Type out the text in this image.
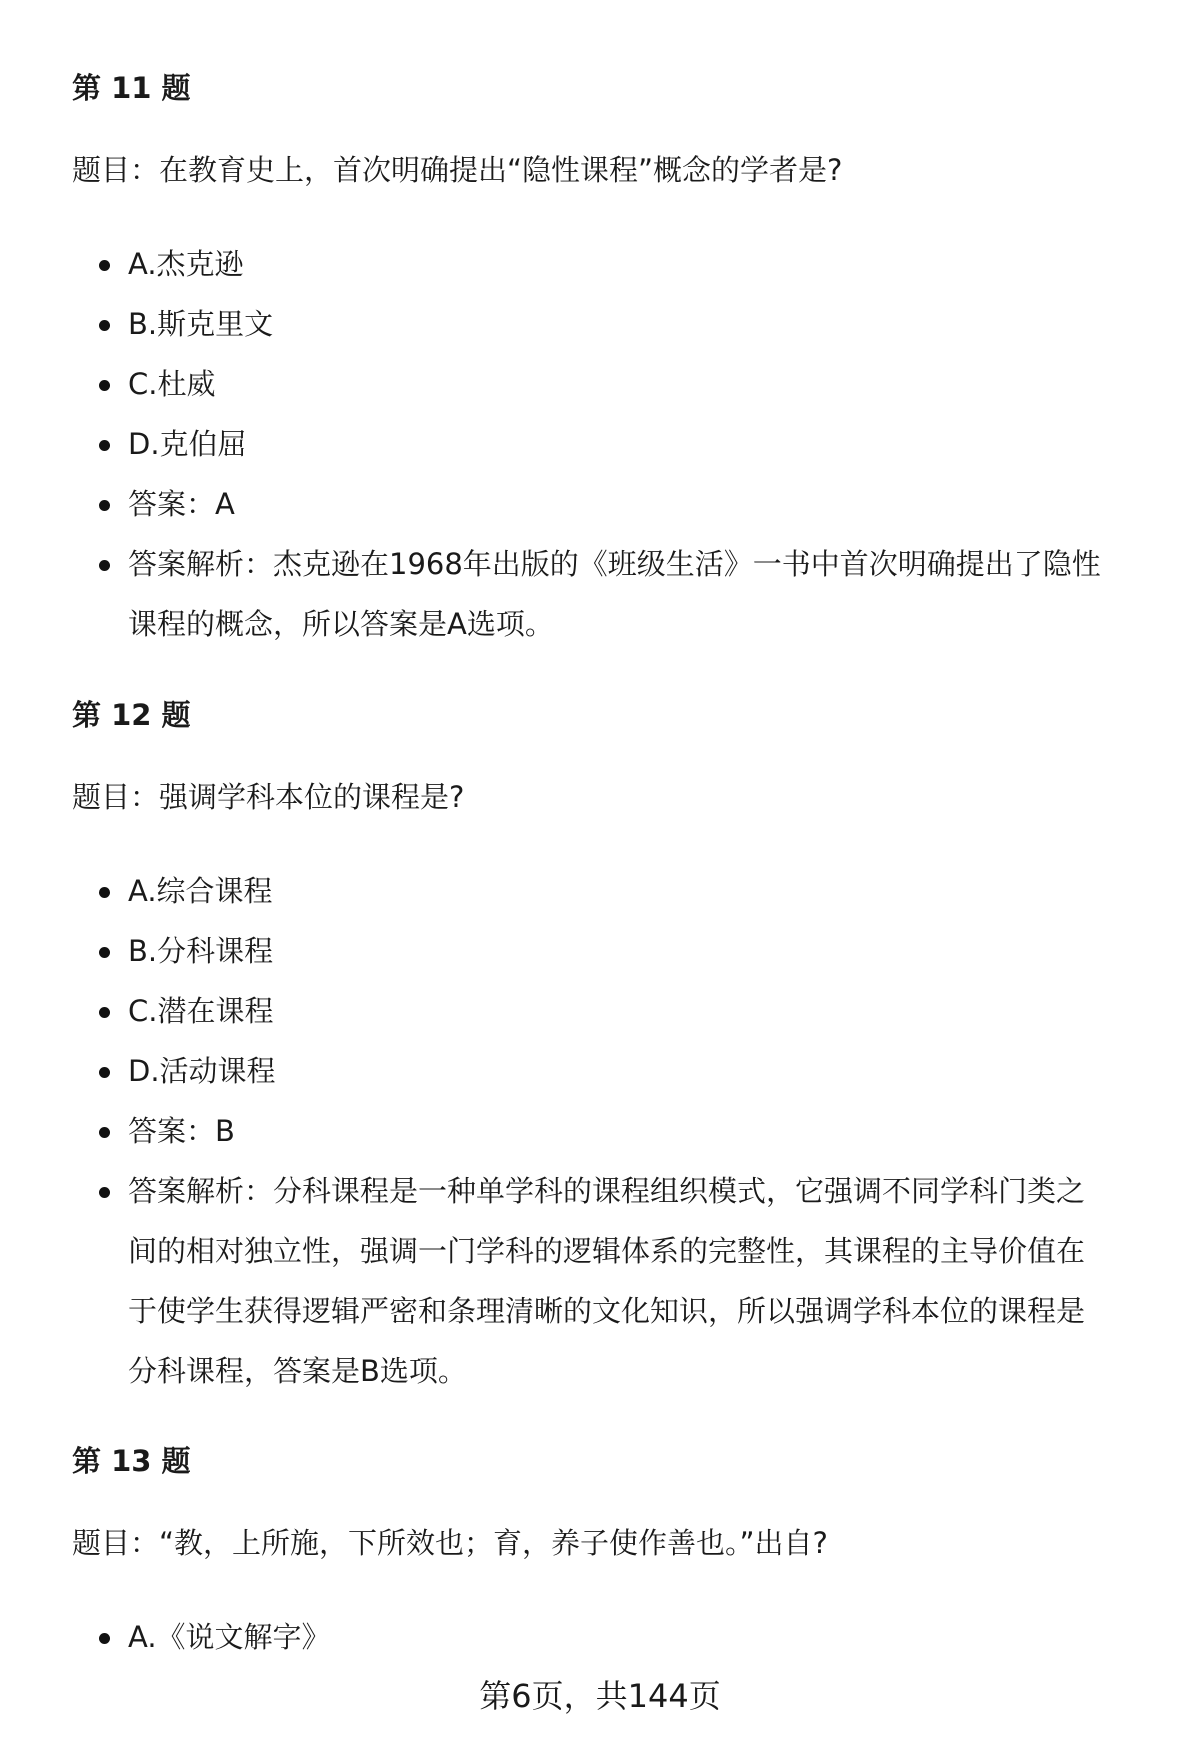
第 11 题
题目：在教育史上，首次明确提出“隐性课程”概念的学者是?
A.杰克逊
B.斯克里文
C.杜威
D.克伯屈
答案：A
答案解析：杰克逊在1968年出版的《班级生活》一书中首次明确提出了隐性课程的概念，所以答案是A选项。
第 12 题
题目：强调学科本位的课程是?
A.综合课程
B.分科课程
C.潜在课程
D.活动课程
答案：B
答案解析：分科课程是一种单学科的课程组织模式，它强调不同学科门类之间的相对独立性，强调一门学科的逻辑体系的完整性，其课程的主导价值在于使学生获得逻辑严密和条理清晰的文化知识，所以强调学科本位的课程是分科课程，答案是B选项。
第 13 题
题目：“教，上所施，下所效也；育，养子使作善也。”出自?
A.《说文解字》
第6页，共144页
